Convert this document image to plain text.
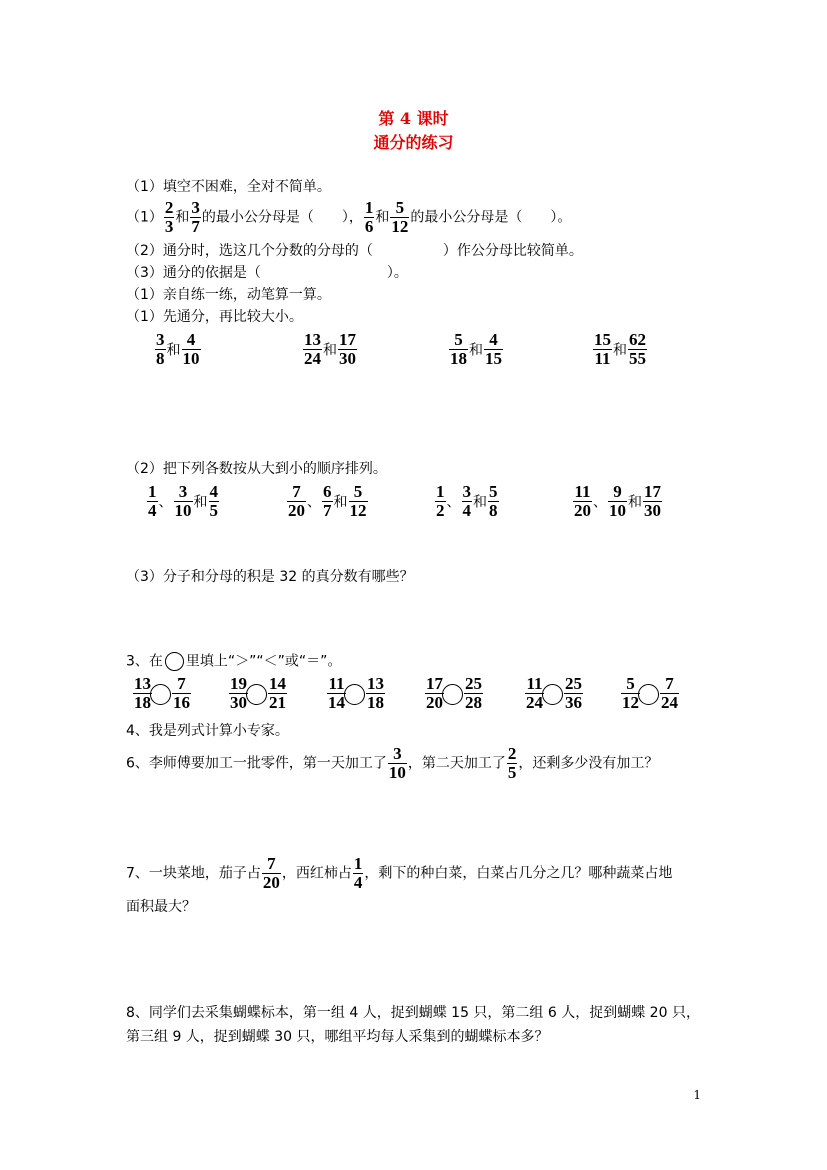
第 4 课时
通分的练习
（1）填空不困难，全对不简单。
$(1) \frac{2}{3}$ 和 $\frac{3}{7}$ 的最小公分母是（　　）， $\frac{1}{6}$ 和 $\frac{5}{12}$ 的最小公分母是（　　）。
（2）通分时，选这几个分数的分母的（　　　　　）作公分母比较简单。
（3）通分的依据是（　　　　　　　　　）。
（1）亲自练一练，动笔算一算。
（1）先通分，再比较大小。
$\frac{3}{8}$ 和 $\frac{4}{10}$	$\frac{13}{24}$ 和 $\frac{17}{30}$	$\frac{5}{18}$ 和 $\frac{4}{15}$	$\frac{15}{11}$ 和 $\frac{62}{55}$
（2）把下列各数按从大到小的顺序排列。
$\frac{1}{4}$ 、 $\frac{3}{10}$ 和 $\frac{4}{5}$	$\frac{7}{20}$ 、 $\frac{6}{7}$ 和 $\frac{5}{12}$	$\frac{1}{2}$ 、 $\frac{3}{4}$ 和 $\frac{5}{8}$	$\frac{11}{20}$ 、 $\frac{9}{10}$ 和 $\frac{17}{30}$
（3）分子和分母的积是 32 的真分数有哪些？
3、在 里填上“＞”“＜”或“＝”。
$\frac{13}{18} \frac{7}{16} \frac{19}{30} \frac{14}{21} \frac{11}{14} \frac{13}{18} \frac{17}{20} \frac{25}{28} \frac{11}{24} \frac{25}{36} \frac{5}{12} \frac{7}{24}$
4、我是列式计算小专家。
6、李师傅要加工一批零件，第一天加工了 $\frac{3}{10}$ ，第二天加工了 $\frac{2}{5}$ ，还剩多少没有加工？
7、一块菜地，茄子占 $\frac{7}{20}$ ，西红柿占 $\frac{1}{4}$ ，剩下的种白菜，白菜占几分之几？哪种蔬菜占地
面积最大？
8、同学们去采集蝴蝶标本，第一组 4 人，捉到蝴蝶 15 只，第二组 6 人，捉到蝴蝶 20 只，
第三组 9 人，捉到蝴蝶 30 只，哪组平均每人采集到的蝴蝶标本多？
1
